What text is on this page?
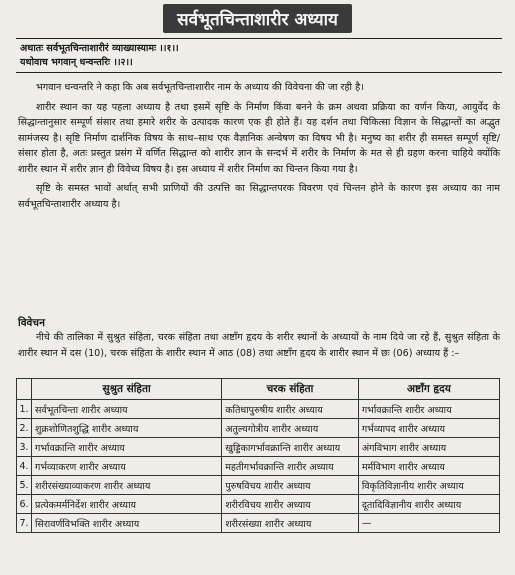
सर्वभूतचिन्ताशारीर अध्याय
अथातः सर्वभूतचिन्ताशारीरं व्याख्यास्यामः ।।१।।
यथोवाच भगवान् धन्वन्तरिः ।।२।।

भगवान धन्वन्तरि ने कहा कि अब सर्वभूतचिन्ताशारीर नाम के अध्याय की विवेचना की जा रही है।

शारीर स्थान का यह पहला अध्याय है तथा इसमें सृष्टि के निर्माण किंवा बनने के क्रम अथवा प्रक्रिया का वर्णन किया, आयुर्वेद के सिद्धान्तानुसार सम्पूर्ण संसार तथा हमारे शरीर के उत्पादक कारण एक ही होते हैं। यह दर्शन तथा चिकित्सा विज्ञान के सिद्धान्तों का अद्भुत सामंजस्य है। सृष्टि निर्माण दार्शनिक विषय के साथ–साथ एक वैज्ञानिक अन्वेषण का विषय भी है। मनुष्य का शरीर ही समस्त सम्पूर्ण सृष्टि/संसार होता है, अतः प्रस्तुत प्रसंग में वर्णित सिद्धान्त को शारीर ज्ञान के सन्दर्भ में शरीर के निर्माण के मत से ही ग्रहण करना चाहिये क्योंकि शारीर स्थान में शरीर ज्ञान ही विवेच्य विषय है। इस अध्याय में शरीर निर्माण का चिन्तन किया गया है।

सृष्टि के समस्त भावों अर्थात् सभी प्राणियों की उत्पत्ति का सिद्धान्तपरक विवरण एवं चिन्तन होने के कारण इस अध्याय का नाम सर्वभूतचिन्ताशारीर अध्याय है।

विवेचन

नीचे की तालिका में सुश्रुत संहिता, चरक संहिता तथा अष्टाँग हृदय के शरीर स्थानों के अध्यायों के नाम दिये जा रहे हैं, सुश्रुत संहिता के शारीर स्थान में दस (10), चरक संहिता के शारीर स्थान में आठ (08) तथा अष्टाँग हृदय के शारीर स्थान में छः (06) अध्याय हैं :–

	सुश्रुत संहिता	चरक संहिता	अष्टाँग हृदय
1.	सर्वभूतचिन्ता शारीर अध्याय	कतिधापुरुषीय शारीर अध्याय	गर्भावक्रान्ति शारीर अध्याय
2.	शुक्रशोणितशुद्धि शारीर अध्याय	अतुल्यगोत्रीय शारीर अध्याय	गर्भव्यापद शारीर अध्याय
3.	गर्भावक्रान्ति शारीर अध्याय	खुड्डिकागर्भावक्रान्ति शारीर अध्याय	अंगविभाग शारीर अध्याय
4.	गर्भव्याकरण शारीर अध्याय	महतीगर्भावक्रान्ति शारीर अध्याय	मर्मविभाग शारीर अध्याय
5.	शरीरसंख्याव्याकरण शारीर अध्याय	पुरुषविचय शारीर अध्याय	विकृतिविज्ञानीय शारीर अध्याय
6.	प्रत्येकमर्मनिर्देश शारीर अध्याय	शरीरविचय शारीर अध्याय	दूतादिविज्ञानीय शारीर अध्याय
7.	सिरावर्णविभक्ति शारीर अध्याय	शरीरसंख्या शारीर अध्याय	—
